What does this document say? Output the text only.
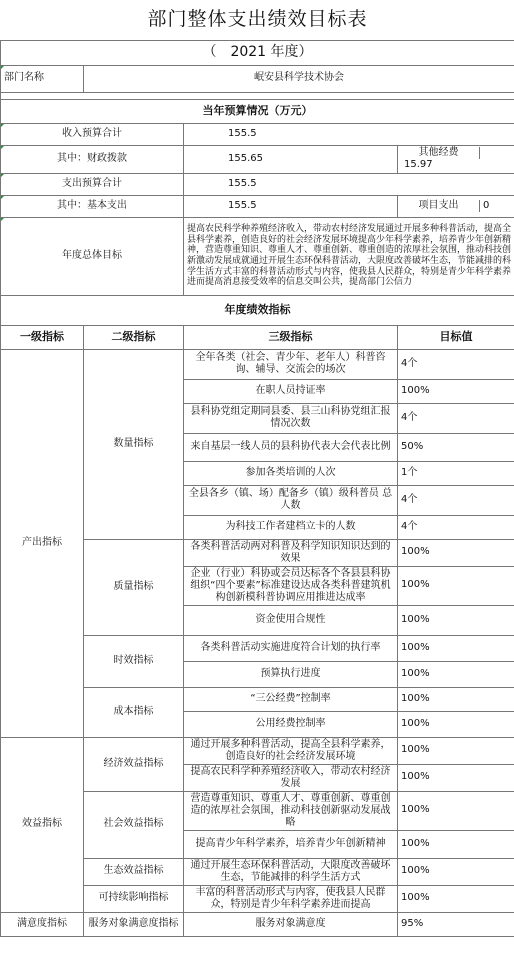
部门整体支出绩效目标表			
（　2021 年度）			
部门名称	岷安县科学技术协会		

当年预算情况（万元）			
收入预算合计		155.5	
其中：财政拨款		155.65	其他经费15.97
支出预算合计		155.5	
其中：基本支出		155.5	项目支出 0
年度总体目标		提高农民科学种养殖经济收入，带动农村经济发展通过开展多种科普活动，提高全县科学素养，创造良好的社会经济发展环境提高少年科学素养，培养青少年创新精神，营造尊重知识、尊重人才、尊重创新、尊重创造的浓厚社会氛围，推动科技创新激动发展成就通过开展生态环保科普活动，大限度改善破坏生态，节能减排的科学生活方式丰富的科普活动形式与内容，使我县人民群众，特别是青少年科学素养进而提高消息接受效率的信息交叫公共，提高部门公信力	
年度绩效指标			
一级指标	二级指标	三级指标	目标值
产出指标	数量指标	全年各类（社会、青少年、老年人）科普咨询、辅导、交流会的场次	4个
		在职人员持证率	100%
		县科协党组定期同县委、县三山科协党组汇报情况次数	4个
		来自基层一线人员的县科协代表大会代表比例	50%
		参加各类培训的人次	1个
		全县各乡（镇、场）配备乡（镇）级科普员 总人数	4个
		为科技工作者建档立卡的人数	4个
	质量指标	各类科普活动两对科普及科学知识知识达到的效果	100%
		企业（行业）科协或会员达标各个各县县科协组织“四个要素”标准建设达成各类科普建筑机构创新模科普协调应用推进达成率	100%
		资金使用合规性	100%
	时效指标	各类科普活动实施进度符合计划的执行率	100%
		预算执行进度	100%
	成本指标	“三公经费”控制率	100%
		公用经费控制率	100%
效益指标	经济效益指标	通过开展多种科普活动，提高全县科学素养，创造良好的社会经济发展环境	100%
		提高农民科学种养殖经济收入，带动农村经济发展	100%
	社会效益指标	营造尊重知识、尊重人才、尊重创新、尊重创造的浓厚社会氛围，推动科技创新驱动发展战略	100%
		提高青少年科学素养，培养青少年创新精神	100%
	生态效益指标	通过开展生态环保科普活动，大限度改善破坏生态，节能减排的科学生活方式	100%
	可持续影响指标	丰富的科普活动形式与内容，使我县人民群众，特别是青少年科学素养进而提高	100%
满意度指标	服务对象满意度指标	服务对象满意度	95%
